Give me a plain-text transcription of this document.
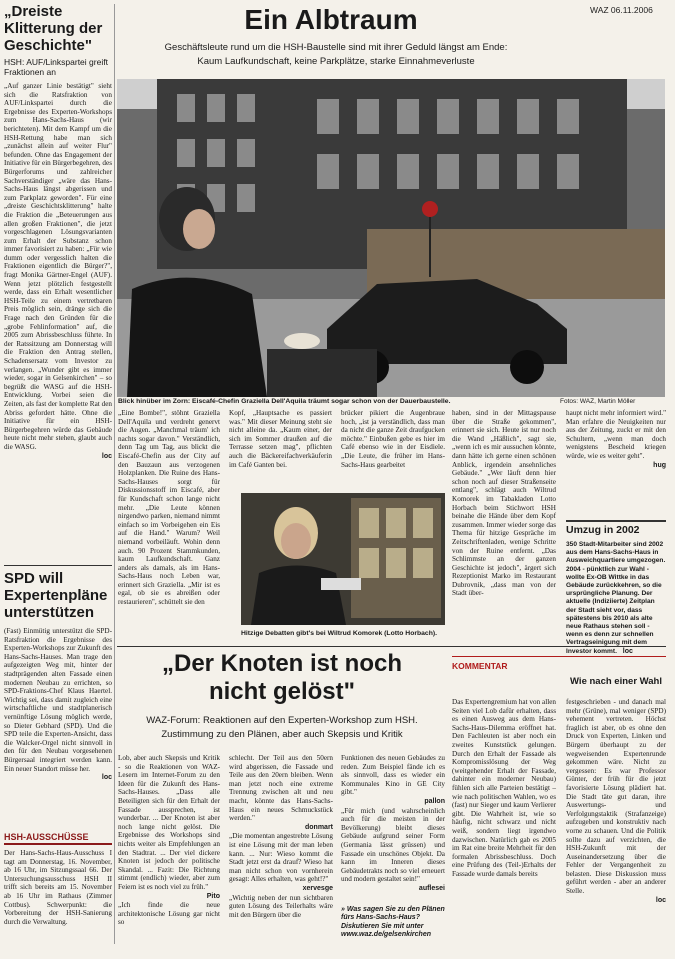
WAZ 06.11.2006
„Dreiste Klitterung der Geschichte"
HSH: AUF/Linkspartei greift Fraktionen an

„Auf ganzer Linie bestätigt" sieht sich die Ratsfraktion von AUF/Linkspartei durch die Ergebnisse des Experten-Workshops zum Hans-Sachs-Haus (wir berichteten). Mit dem Kampf um die HSH-Rettung habe man sich „zunächst allein auf weiter Flur" befunden. Ohne das Engagement der Initiative für ein Bürgerbegehren, des Bürgerforums und zahlreicher Sachverständiger „wäre das Hans-Sachs-Haus längst abgerissen und zum Parkplatz geworden". Für eine „dreiste Geschichtsklitterung" halte die Fraktion die „Beteuerungen aus allen großen Fraktionen", die jetzt vorgeschlagenen Lösungsvarianten zum Erhalt der Substanz schon immer favorisiert zu haben: „Für wie dumm oder vergesslich halten die Fraktionen eigentlich die Bürger?", fragt Monika Gärtner-Engel (AUF). Wenn jetzt plötzlich festgestellt werde, dass ein Erhalt wesentlicher HSH-Teile zu einem vertretbaren Preis möglich sein, dränge sich die Frage nach den Gründen für die „grobe Fehlinformation" auf, die 2005 zum Abrissbeschluss führte. In der Ratssitzung am Donnerstag will die Fraktion den Antrag stellen, Schadensersatz vom Investor zu verlangen. „Wunder gibt es immer wieder, sogar in Gelsenkirchen" – so begrüßt die WASG auf die HSH-Entwicklung. Vorbei seien die Zeiten, als fast der komplette Rat den Abriss gefordert hätte. Ohne die Initiative für ein HSH-Bürgerbegehren würde das Gebäude heute nicht mehr stehen, glaubt auch die WASG.

loc
SPD will Expertenpläne unterstützen

(Fast) Einmütig unterstützt die SPD-Ratsfraktion die Ergebnisse des Experten-Workshops zur Zukunft des Hans-Sachs-Hauses. Man trage den aufgezeigten Weg mit, hinter der stadtprägenden alten Fassade einen modernen Neubau zu errichten, so SPD-Fraktions-Chef Klaus Haertel. Wichtig sei, dass damit zugleich eine wirtschaftliche und stadtplanerisch vernünftige Lösung möglich werde, so Dieter Gebhard (SPD). Und die SPD teile die Experten-Ansicht, dass die Walcker-Orgel nicht sinnvoll in den für den Neubau vorgesehenen Bürgersaal integriert werden kann. Ein neuer Standort müsse her.

loc
HSH-AUSSCHÜSSE

Der Hans-Sachs-Haus-Ausschuss I tagt am Donnerstag, 16. November, ab 16 Uhr, im Sitzungssaal 66. Der Untersuchungsausschuss HSH II trifft sich bereits am 15. November ab 16 Uhr im Rathaus (Zimmer Cottbus). Schwerpunkt: die Vorbereitung der HSH-Sanierung durch die Verwaltung.

Ein Albtraum
Geschäftsleute rund um die HSH-Baustelle sind mit ihrer Geduld längst am Ende:
Kaum Laufkundschaft, keine Parkplätze, starke Einnahmeverluste
Blick hinüber im Zorn: Eiscafé-Chefin Graziella Dell'Aquila träumt sogar schon von der Dauerbaustelle.	Fotos: WAZ, Martin Möller

„Eine Bombe!", stöhnt Graziella Dell'Aquila und verdreht genervt die Augen. „Manchmal träum' ich nachts sogar davon." Verständlich, denn Tag um Tag, aus blickt die Eiscafé-Chefin aus der City auf den Bauzaun aus verzogenen Holzplanken. Die Ruine des Hans-Sachs-Hauses sorgt für Diskussionsstoff im Eiscafé, aber für Kundschaft schon lange nicht mehr. „Die Leute können nirgendwo parken, niemand nimmt einfach so im Vorbeigehen ein Eis auf die Hand." Warum? Weil niemand vorbeiläuft. Wohin denn auch. 90 Prozent Stammkunden, kaum Laufkundschaft. Ganz anders als damals, als im Hans-Sachs-Haus noch Leben war, erinnert sich Graziella. „Mir ist es egal, ob sie es abreißen oder restaurieren", schüttelt sie den

Kopf, „Hauptsache es passiert was." Mit dieser Meinung steht sie nicht alleine da. „Kaum einer, der sich im Sommer draußen auf die Terrasse setzen mag", pflichten auch die Bäckereifachverkäuferin im Café Ganten bei.

brücker pikiert die Augenbraue hoch, „ist ja verständlich, dass man da nicht die ganze Zeit draufgucken möchte." Einbußen gebe es hier im Café ebenso wie in der Eisdiele. „Die Leute, die früher im Hans-Sachs-Haus gearbeitet

haben, sind in der Mittagspause über die Straße gekommen", erinnert sie sich. Heute ist nur noch die Wand „Häßlich", sagt sie, „wenn ich es mir aussuchen könnte, dann hätte ich gerne einen schönen Anblick, irgendein ansehnliches Gebäude." „Wer läuft denn hier schon noch auf dieser Straßenseite entlang", schlägt auch Wiltrud Komorek im Tabakladen Lotto Horbach beim Stichwort HSH beinahe die Hände über dem Kopf zusammen. Immer wieder sorge das Thema für hitzige Gespräche im Zeitschriftenladen, wenige Schritte von der Ruine entfernt. „Das Schlimmste an der ganzen Geschichte ist jedoch", ärgert sich Rezeptionist Marko im Restaurant Dubrovnik, „dass man von der Stadt über-

haupt nicht mehr informiert wird." Man erfahre die Neuigkeiten nur aus der Zeitung, zuckt er mit den Schultern, „wenn man doch wenigstens Bescheid kriegen würde, wie es weiter geht".

hug
Hitzige Debatten gibt's bei Wiltrud Komorek (Lotto Horbach).
Umzug in 2002
350 Stadt-Mitarbeiter sind 2002 aus dem Hans-Sachs-Haus in Ausweichquartiere umgezogen. 2004 - pünktlich zur Wahl - wollte Ex-OB Wittke in das Gebäude zurückkehren, so die ursprüngliche Planung. Der aktuelle (Indiziierte) Zeitplan der Stadt sieht vor, dass spätestens bis 2010 als alte neue Rathaus stehen soll - wenn es denn zur schnellen Vertragseinigung mit dem Investor kommt. loc
„Der Knoten ist noch
nicht gelöst"
WAZ-Forum: Reaktionen auf den Experten-Workshop zum HSH.
Zustimmung zu den Plänen, aber auch Skepsis und Kritik

Lob, aber auch Skepsis und Kritik - so die Reaktionen von WAZ-Lesern im Internet-Forum zu den Ideen für die Zukunft des Hans-Sachs-Hauses. „Dass alle Beteiligten sich für den Erhalt der Fassade aussprechen, ist wunderbar. ... Der Knoten ist aber noch lange nicht gelöst. Die Ergebnisse des Workshops sind nichts weiter als Empfehlungen an den Stadtrat. ... Der viel dickere Knoten ist jedoch der politische Skandal. ... Fazit: Die Richtung stimmt (endlich) wieder, aber zum Feiern ist es noch viel zu früh."

Pito

„Ich finde die neue architektonische Lösung gar nicht so

schlecht. Der Teil aus den 50ern wird abgerissen, die Fassade und Teile aus den 20ern bleiben. Wenn man jetzt noch eine extreme Trennung zwischen alt und neu macht, könnte das Hans-Sachs-Haus ein neues Schmuckstück werden."

donmart

„Die momentan angestrebte Lösung ist eine Lösung mit der man leben kann. ... Nur: Wieso kommt die Stadt jetzt erst da drauf? Wieso hat man nicht schon von vornherein gesagt: Alles erhalten, was geht!?"

xervesge

„Wichtig neben der nun sichtbaren guten Lösung des Teilerhalts wäre mit den Bürgern über die

Funktionen des neuen Gebäudes zu reden. Zum Beispiel fände ich es als sinnvoll, dass es wieder ein Kommunales Kino in GE City gibt."

pallon

„Für mich (und wahrscheinlich auch für die meisten in der Bevölkerung) bleibt dieses Gebäude aufgrund seiner Form (Germania lässt grüssen) und Fassade ein unschönes Objekt. Da kann im Inneren dieses Gebäudetrakts noch so viel erneuert und modern gestaltet sein!"

auflesei
» Was sagen Sie zu den Plänen fürs Hans-Sachs-Haus? Diskutieren Sie mit unter www.waz.de/gelsenkirchen
KOMMENTAR
Wie nach einer Wahl

Das Expertengremium hat von allen Seiten viel Lob dafür erhalten, dass es einen Ausweg aus dem Hans-Sachs-Haus-Dilemma eröffnet hat. Den Fachleuten ist aber noch ein zweites Kunststück gelungen. Durch den Erhalt der Fassade als Kompromisslösung der Weg (weitgehender Erhalt der Fassade, dahinter ein moderner Neubau) fühlen sich alle Parteien bestätigt – wie nach politischen Wahlen, wo es (fast) nur Sieger und kaum Verlierer gibt. Die Wahrheit ist, wie so häufig, nicht schwarz und nicht weiß, sondern liegt irgendwo dazwischen. Natürlich gab es 2005 im Rat eine breite Mehrheit für den formalen Abrissbeschluss. Doch eine Prüfung des (Teil-)Erhalts der Fassade wurde damals bereits

festgeschrieben - und danach mal mehr (Grüne), mal weniger (SPD) vehement vertreten. Höchst fraglich ist aber, ob es ohne den Druck von Experten, Linken und Bürgern überhaupt zu der wegweisenden Expertenrunde gekommen wäre. Nicht zu vergessen: Es war Professor Günter, der früh für die jetzt favorisierte Lösung plädiert hat. Die Stadt täte gut daran, ihre Auswertungs- und Verfolgungstaktik (Strafanzeige) aufzugeben und konstruktiv nach vorne zu schauen. Und die Politik sollte dazu auf verzichten, die HSH-Zukunft mit der Auseinandersetzung über die Fehler der Vergangenheit zu belasten. Diese Diskussion muss geführt werden - aber an anderer Stelle.

loc
